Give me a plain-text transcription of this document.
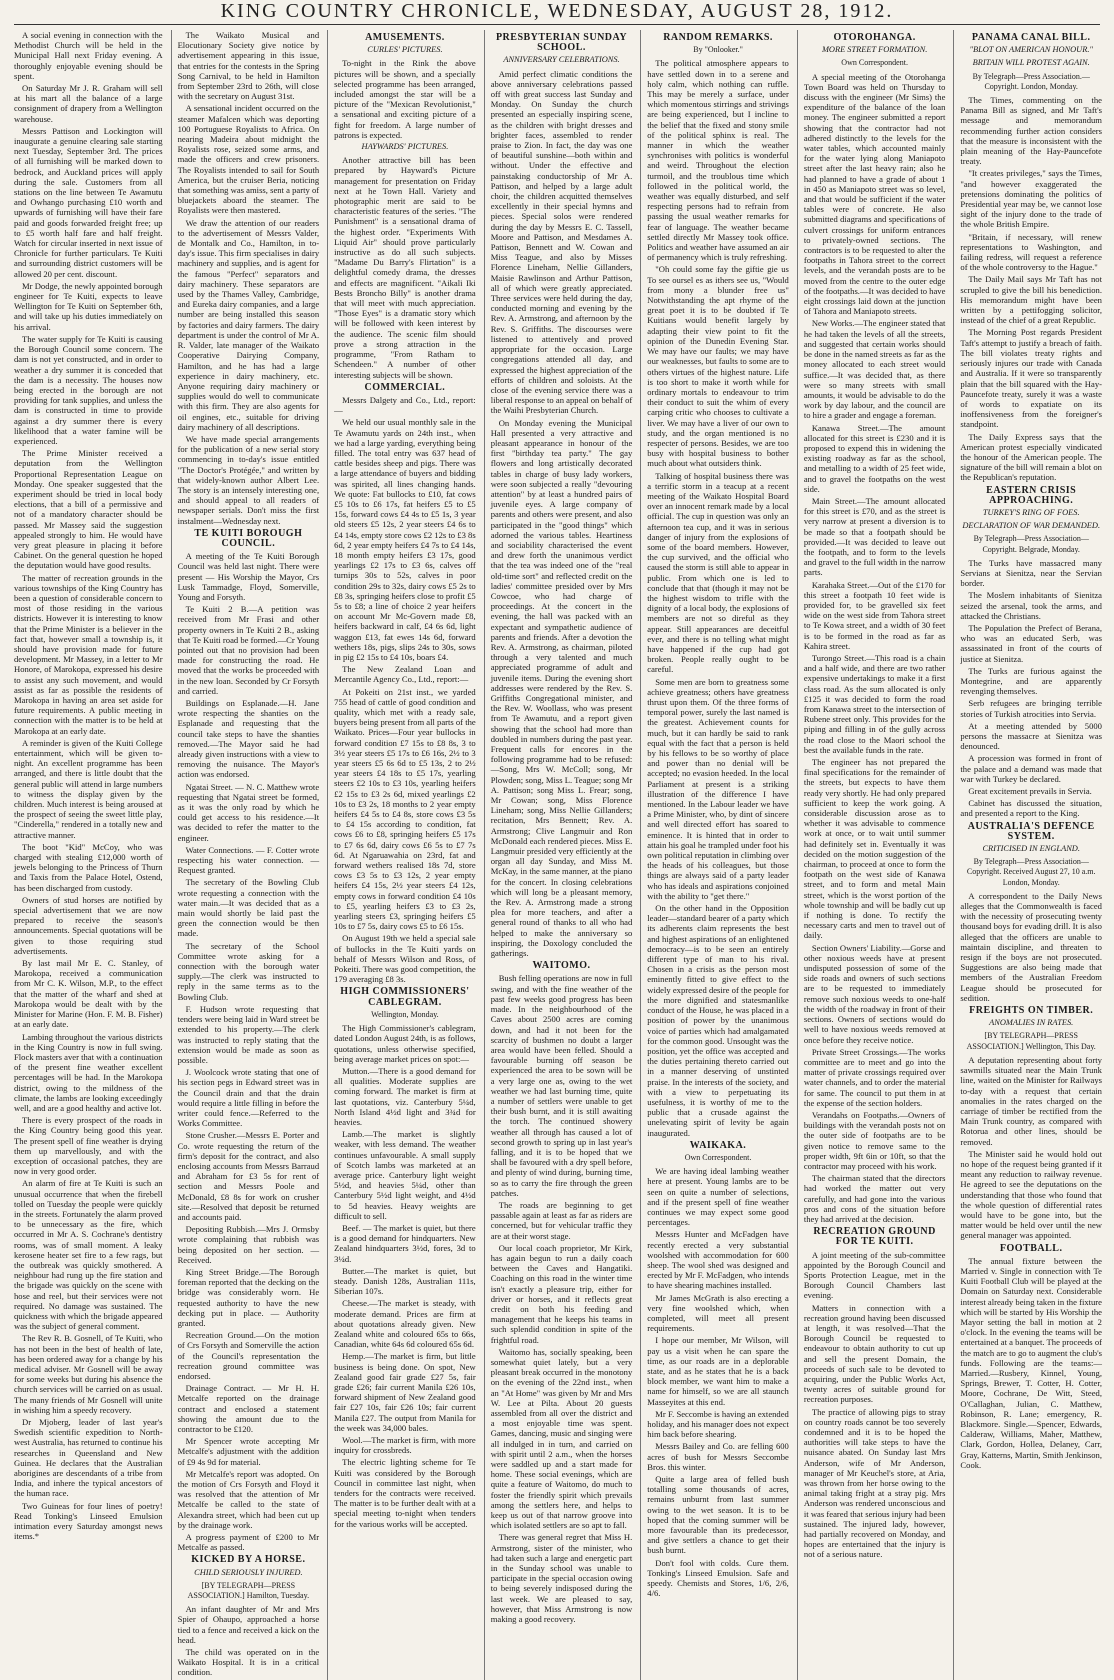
KING COUNTRY CHRONICLE, WEDNESDAY, AUGUST 28, 1912.

A social evening in connection with the Methodist Church will be held in the Municipal Hall next Friday evening. A thoroughly enjoyable evening should be spent.

On Saturday Mr J. R. Graham will sell at his mart all the balance of a large consignment of drapery from a Wellington warehouse.

Messrs Pattison and Lockington will inaugurate a genuine clearing sale starting next Tuesday, September 3rd. The prices of all furnishing will be marked down to bedrock, and Auckland prices will apply during the sale. Customers from all stations on the line between Te Awamutu and Owhango purchasing £10 worth and upwards of furnishing will have their fare paid and goods forwarded freight free; up to £5 worth half fare and half freight. Watch for circular inserted in next issue of Chronicle for further particulars. Te Kuiti and surrounding district customers will be allowed 20 per cent. discount.

Mr Dodge, the newly appointed borough engineer for Te Kuiti, expects to leave Wellington for Te Kuiti on September 6th, and will take up his duties immediately on his arrival.

The water supply for Te Kuiti is causing the Borough Council some concern. The dam is not yet constructed, and in order to weather a dry summer it is conceded that the dam is a necessity. The houses now being erected in the borough are not providing for tank supplies, and unless the dam is constructed in time to provide against a dry summer there is every likelihood that a water famine will be experienced.

The Prime Minister received a deputation from the Wellington Proportional Representation League on Monday. One speaker suggested that the experiment should be tried in local body elections, that a bill of a permissive and not of a mandatory character should be passed. Mr Massey said the suggestion appealed strongly to him. He would have very great pleasure in placing it before Cabinet. On the general question he hoped the deputation would have good results.

The matter of recreation grounds in the various townships of the King Country has been a question of considerable concern to most of those residing in the various districts. However it is interesting to know that the Prime Minister is a believer in the fact that, however small a township is, it should have provision made for future development. Mr Massey, in a letter to Mr Honore, of Marokopa, expressed his desire to assist any such movement, and would assist as far as possible the residents of Marokopa in having an area set aside for future requirements. A public meeting in connection with the matter is to be held at Marokopa at an early date.

A reminder is given of the Kuiti College entertainment, which will be given to-night. An excellent programme has been arranged, and there is little doubt that the general public will attend in large numbers to witness the display given by the children. Much interest is being aroused at the prospect of seeing the sweet little play, "Cinderella," rendered in a totally new and attractive manner.

The boot "Kid" McCoy, who was charged with stealing £12,000 worth of jewels belonging to the Princess of Thurn and Taxis from the Palace Hotel, Ostend, has been discharged from custody.

Owners of stud horses are notified by special advertisement that we are now prepared to receive the season's announcements. Special quotations will be given to those requiring stud advertisements.

By last mail Mr E. C. Stanley, of Marokopa, received a communication from Mr C. K. Wilson, M.P., to the effect that the matter of the wharf and shed at Marokopa would be dealt with by the Minister for Marine (Hon. F. M. B. Fisher) at an early date.

Lambing throughout the various districts in the King Country is now in full swing. Flock masters aver that with a continuation of the present fine weather excellent percentages will be had. In the Marokopa district, owing to the mildness of the climate, the lambs are looking exceedingly well, and are a good healthy and active lot.

There is every prospect of the roads in the King Country being good this year. The present spell of fine weather is drying them up marvellously, and with the exception of occasional patches, they are now in very good order.

An alarm of fire at Te Kuiti is such an unusual occurrence that when the firebell tolled on Tuesday the people were quickly in the streets. Fortunately the alarm proved to be unnecessary as the fire, which occurred in Mr A. S. Cochrane's dentistry rooms, was of small moment. A leaky kerosene heater set fire to a few rags, but the outbreak was quickly smothered. A neighbour had rung up the fire station and the brigade was quickly on the scene with hose and reel, but their services were not required. No damage was sustained. The quickness with which the brigade appeared was the subject of general comment.

The Rev R. B. Gosnell, of Te Kuiti, who has not been in the best of health of late, has been ordered away for a change by his medical adviser. Mr Gosnell will be away for some weeks but during his absence the church services will be carried on as usual. The many friends of Mr Gosnell will unite in wishing him a speedy recovery.

Dr Mjoberg, leader of last year's Swedish scientific expedition to North-west Australia, has returned to continue his researches in Queensland and New Guinea. He declares that the Australian aborigines are descendants of a tribe from India, and inhere the typical ancestors of the human race.

Two Guineas for four lines of poetry! Read Tonking's Linseed Emulsion intimation every Saturday amongst news items.*

The Waikato Musical and Elocutionary Society give notice by advertisement appearing in this issue, that entries for the contests in the Spring Song Carnival, to be held in Hamilton from September 23rd to 26th, will close with the secretary on August 31st.

A sensational incident occurred on the steamer Mafalcen which was deporting 100 Portuguese Royalists to Africa. On nearing Madeira about midnight the Royalists rose, seized some arms, and made the officers and crew prisoners. The Royalists intended to sail for South America, but the cruiser Beria, noticing that something was amiss, sent a party of bluejackets aboard the steamer. The Royalists were then mastered.

We draw the attention of our readers to the advertisement of Messrs Valder, de Montalk and Co., Hamilton, in to-day's issue. This firm specialises in dairy machinery and supplies, and is agent for the famous "Perfect" separators and dairy machinery. These separators are used by the Thames Valley, Cambridge, and Eureka dairy companies, and a large number are being installed this season by factories and dairy farmers. The dairy department is under the control of Mr A. R. Valder, late manager of the Waikato Cooperative Dairying Company, Hamilton, and he has had a large experience in dairy machinery, etc. Anyone requiring dairy machinery or supplies would do well to communicate with this firm. They are also agents for oil engines, etc., suitable for driving dairy machinery of all descriptions.

We have made special arrangements for the publication of a new serial story commencing in to-day's issue entitled "The Doctor's Protégée," and written by that widely-known author Albert Lee. The story is an intensely interesting one, and should appeal to all readers of newspaper serials. Don't miss the first instalment—Wednesday next.

TE KUITI BOROUGH COUNCIL.

A meeting of the Te Kuiti Borough Council was held last night. There were present — His Worship the Mayor, Crs Lusk Tammadge, Floyd, Somerville, Young and Forsyth.

Te Kuiti 2 B.—A petition was received from Mr Frasi and other property owners in Te Kuiti 2 B., asking that Te Kuiti road be formed.—Cr Young pointed out that no provision had been made for constructing the road. He moved that the works be proceeded with in the new loan. Seconded by Cr Forsyth and carried.

Buildings on Esplanade.—H. Jane wrote respecting the shanties on the Esplanade and requesting that the council take steps to have the shanties removed.—The Mayor said he had already given instructions with a view to removing the nuisance. The Mayor's action was endorsed.

Ngatai Street. — N. C. Matthew wrote requesting that Ngatai street be formed, as it was the only road by which he could get access to his residence.—It was decided to refer the matter to the engineer.

Water Connections. — F. Cotter wrote respecting his water connection. —Request granted.

The secretary of the Bowling Club wrote requesting a connection with the water main.—It was decided that as a main would shortly be laid past the green the connection would be then made.

The secretary of the School Committee wrote asking for a connection with the borough water supply.—The clerk was instructed to reply in the same terms as to the Bowling Club.

F. Hudson wrote requesting that tenders were being laid in Ward street be extended to his property.—The clerk was instructed to reply stating that the extension would be made as soon as possible.

J. Woolcock wrote stating that one of his section pegs in Edward street was in the Council drain and that the drain would require a little filling in before the writer could fence.—Referred to the Works Committee.

Stone Crusher.—Messrs E. Porter and Co. wrote requesting the return of the firm's deposit for the contract, and also enclosing accounts from Messrs Barraud and Abraham for £3 5s for rent of section and Messrs Poole and McDonald, £8 8s for work on crusher site.—Resolved that deposit be returned and accounts paid.

Depositing Rubbish.—Mrs J. Ormsby wrote complaining that rubbish was being deposited on her section. —Received.

King Street Bridge.—The Borough foreman reported that the decking on the bridge was considerably worn. He requested authority to have the new decking put in place. — Authority granted.

Recreation Ground.—On the motion of Crs Forsyth and Somerville the action of the Council's representation the recreation ground committee was endorsed.

Drainage Contract. — Mr H. H. Metcalfe reported on the drainage contract and enclosed a statement showing the amount due to the contractor to be £120.

Mr Spencer wrote accepting Mr Metcalfe's adjustment with the addition of £9 4s 9d for material.

Mr Metcalfe's report was adopted. On the motion of Crs Forsyth and Floyd it was resolved that the attention of Mr Metcalfe be called to the state of Alexandra street, which had been cut up by the drainage work.

A progress payment of £200 to Mr Metcalfe as passed.

KICKED BY A HORSE.
CHILD SERIOUSLY INJURED.
[BY TELEGRAPH—PRESS ASSOCIATION.] Hamilton, Tuesday.

An infant daughter of Mr and Mrs Spier of Ohaupo, approached a horse tied to a fence and received a kick on the head.

The child was operated on in the Waikato Hospital. It is in a critical condition.

AMUSEMENTS.
CURLES' PICTURES.

To-night in the Rink the above pictures will be shown, and a specially selected programme has been arranged, included amongst the star will be a picture of the "Mexican Revolutionist," a sensational and exciting picture of a fight for freedom. A large number of patrons is expected.

HAYWARDS' PICTURES.

Another attractive bill has been prepared by Hayward's Picture management for presentation on Friday next at he Town Hall. Variety and photographic merit are said to be characteristic features of the series. "The Punishment" is a sensational drama of the highest order. "Experiments With Liquid Air" should prove particularly instructive as do all such subjects. "Madame Du Barry's Flirtation" is a delightful comedy drama, the dresses and effects are magnificent. "Aikali Iki Bests Broncho Billy" is another drama that will meet with much appreciation. "Those Eyes" is a dramatic story which will be followed with keen interest by the audience. The scenic film should prove a strong attraction in the programme, "From Ratham to Schendeen." A number of other interesting subjects will be shown.

COMMERCIAL.

Messrs Dalgety and Co., Ltd., report:—

We held our usual monthly sale in the Te Awamutu yards on 24th inst., when we had a large yarding, everything being filled. The total entry was 637 head of cattle besides sheep and pigs. There was a large attendance of buyers and bidding was spirited, all lines changing hands. We quote: Fat bullocks to £10, fat cows £5 10s to £6 17s, fat heifers £5 to £5 15s, forward cows £4 4s to £5 1s, 3 year old steers £5 12s, 2 year steers £4 6s to £4 14s, empty store cows £2 12s to £3 8s 6d, 2 year empty heifers £4 7s to £4 14s, 18 month empty heifers £3 17s, good yearlings £2 17s to £3 6s, calves off turnips 30s to 52s, calves in poor condition 29s to 32s, dairy cows £5 2s to £8 3s, springing heifers close to profit £5 5s to £8; a line of choice 2 year heifers on account Mr Mc-Govern made £8, heifers backward in calf, £4 6s 6d, light waggon £13, fat ewes 14s 6d, forward wethers 18s, pigs, slips 24s to 30s, sows in pig £2 15s to £4 10s, boars £4.

The New Zealand Loan and Mercantile Agency Co., Ltd., report:—

At Pokeiti on 21st inst., we yarded 755 head of cattle of good condition and quality, which met with a ready sale, buyers being present from all parts of the Waikato. Prices—Four year bullocks in forward condition £7 15s to £8 8s, 3 to 3½ year steers £5 17s to £6 16s, 2½ to 3 year steers £5 6s 6d to £5 13s, 2 to 2½ year steers £4 18s to £5 17s, yearling steers £2 10s to £3 10s, yearling heifers £2 15s to £3 2s 6d, mixed yearlings £2 10s to £3 2s, 18 months to 2 year empty heifers £4 5s to £4 8s, store cows £3 5s to £4 15s according to condition, fat cows £6 to £8, springing heifers £5 17s to £7 6s 6d, dairy cows £6 5s to £7 7s 6d. At Ngaruawahia on 23rd, fat and forward wethers realised 18s 7d, store cows £3 5s to £3 12s, 2 year empty heifers £4 15s, 2½ year steers £4 12s, empty cows in forward condition £4 10s to £5, yearling heifers £3 to £3 2s, yearling steers £3, springing heifers £5 10s to £7 5s, dairy cows £5 to £6 15s.

On August 19th we held a special sale of bullocks in the Te Kuiti yards on behalf of Messrs Wilson and Ross, of Pokeiti. There was good competition, the 179 averaging £8 3s.

HIGH COMMISSIONERS' CABLEGRAM.
Wellington, Monday.

The High Commissioner's cablegram, dated London August 24th, is as follows, quotations, unless otherwise specified, being average market prices on spot:—

Mutton.—There is a good demand for all qualities. Moderate supplies are coming forward. The market is firm at last quotations, viz. Canterbury 5¼d, North Island 4½d light and 3¾d for heavies.

Lamb.—The market is slightly weaker, with less demand. The weather continues unfavourable. A small supply of Scotch lambs was marketed at an average price. Canterbury light weight 5½d, and heavies 5¼d, other than Canterbury 5½d light weight, and 4½d to 5d heavies. Heavy weights are difficult to sell.

Beef. — The market is quiet, but there is a good demand for hindquarters. New Zealand hindquarters 3½d, fores, 3d to 3¼d.

Butter.—The market is quiet, but steady. Danish 128s, Australian 111s, Siberian 107s.

Cheese.—The market is steady, with moderate demand. Prices are firm at about quotations already given. New Zealand white and coloured 65s to 66s, Canadian, white 64s 6d coloured 65s 6d.

Hemp.—The market is firm, but little business is being done. On spot, New Zealand good fair grade £27 5s, fair grade £26; fair current Manila £26 10s, forward shipment of New Zealand good fair £27 10s, fair £26 10s; fair current Manila £27. The output from Manila for the week was 34,000 bales.

Wool.—The market is firm, with more inquiry for crossbreds.

The electric lighting scheme for Te Kuiti was considered by the Borough Council in committee last night, when tenders for the contracts were received. The matter is to be further dealt with at a special meeting to-night when tenders for the various works will be accepted.

PRESBYTERIAN SUNDAY SCHOOL.
ANNIVERSARY CELEBRATIONS.

Amid perfect climatic conditions the above anniversary celebrations passed off with great success last Sunday and Monday. On Sunday the church presented an especially inspiring scene, as the children with bright dresses and brighter faces, assembled to render praise to Zion. In fact, the day was one of beautiful sunshine—both within and without. Under the effective and painstaking conductorship of Mr A. Pattison, and helped by a large adult choir, the children acquitted themselves excellently in their special hymns and pieces. Special solos were rendered during the day by Messrs E. C. Tassell, Moore and Pattison, and Mesdames A. Pattison, Bennett and W. Cowan and Miss Teague, and also by Misses Florence Lineham, Nellie Gillanders, Maisie Rawlinson and Arthur Pattison, all of which were greatly appreciated. Three services were held during the day, conducted morning and evening by the Rev. A. Armstrong, and afternoon by the Rev. S. Griffiths. The discourses were listened to attentively and proved appropriate for the occasion. Large congregations attended all day, and expressed the highest appreciation of the efforts of children and soloists. At the close of the evening service there was a liberal response to an appeal on behalf of the Waihi Presbyterian Church.

On Monday evening the Municipal Hall presented a very attractive and pleasant appearance in honour of the first "birthday tea party." The gay flowers and long artistically decorated tables in charge of busy lady workers, were soon subjected a really "devouring attention" by at least a hundred pairs of juvenile eyes. A large company of parents and others were present, and also participated in the "good things" which adorned the various tables. Heartiness and sociability characterised the event and drew forth the unanimous verdict that the tea was indeed one of the "real old-time sort" and reflected credit on the ladies' committee presided over by Mrs Cowcoe, who had charge of proceedings. At the concert in the evening, the hall was packed with an expectant and sympathetic audience of parents and friends. After a devotion the Rev. A. Armstrong, as chairman, piloted through a very talented and much appreciated programme of adult and juvenile items. During the evening short addresses were rendered by the Rev. S. Griffiths Congregational minister, and the Rev. W. Woollass, who was present from Te Awamutu, and a report given showing that the school had more than doubled in numbers during the past year. Frequent calls for encores in the following programme had to be refused:—Song, Mrs W. McColl; song, Mr Plowden; song, Miss L. Teague; song Mr A. Pattison; song Miss L. Frear; song, Mr Cowan; song, Miss Florence Lineham; song, Miss Nellie Gillanders; recitation, Mrs Bennett; Rev. A. Armstrong; Clive Langmuir and Ron McDonald each rendered pieces. Miss E. Langmuir presided very efficiently at the organ all day Sunday, and Miss M. McKay, in the same manner, at the piano for the concert. In closing celebrations which will long be a pleasant memory, the Rev. A. Armstrong made a strong plea for more teachers, and after a general round of thanks to all who had helped to make the anniversary so inspiring, the Doxology concluded the gatherings.

WAITOMO.

Bush felling operations are now in full swing, and with the fine weather of the past few weeks good progress has been made. In the neighbourhood of the Caves about 2500 acres are coming down, and had it not been for the scarcity of bushmen no doubt a larger area would have been felled. Should a favourable burning off season be experienced the area to be sown will be a very large one as, owing to the wet weather we had last burning time, quite a number of settlers were unable to get their bush burnt, and it is still awaiting the torch. The continued showery weather all through has caused a lot of second growth to spring up in last year's falling, and it is to be hoped that we shall be favoured with a dry spell before, and plenty of wind during, burning time, so as to carry the fire through the green patches.

The roads are beginning to get passable again at least as far as riders are concerned, but for vehicular traffic they are at their worst stage.

Our local coach proprietor, Mr Kirk, has again begun to run a daily coach between the Caves and Hangatiki. Coaching on this road in the winter time isn't exactly a pleasure trip, either for driver or horses, and it reflects great credit on both his feeding and management that he keeps his teams in such splendid condition in spite of the frightful road.

Waitomo has, socially speaking, been somewhat quiet lately, but a very pleasant break occurred in the monotony on the evening of the 22nd inst., when an "At Home" was given by Mr and Mrs W. Lee at Pilta. About 20 guests assembled from all over the district and a most enjoyable time was spent. Games, dancing, music and singing were all indulged in in turn, and carried on with spirit until 2 a.m., when the horses were saddled up and a start made for home. These social evenings, which are quite a feature of Waitomo, do much to foster the friendly spirit which prevails among the settlers here, and helps to keep us out of that narrow groove into which isolated settlers are so apt to fall.

There was general regret that Miss H. Armstrong, sister of the minister, who had taken such a large and energetic part in the Sunday school was unable to participate in the special occasion owing to being severely indisposed during the last week. We are pleased to say, however, that Miss Armstrong is now making a good recovery.

RANDOM REMARKS.
By "Onlooker."

The political atmosphere appears to have settled down in to a serene and holy calm, which nothing can ruffle. This may be merely a surface, under which momentous stirrings and strivings are being experienced, but I incline to the belief that the fixed and stony smile of the political sphinx is real. The manner in which the weather synchronises with politics is wonderful and weird. Throughout the election turmoil, and the troublous time which followed in the political world, the weather was equally disturbed, and self respecting persons had to refrain from passing the usual weather remarks for fear of language. The weather became settled directly Mr Massey took office. Politics and weather have assumed an air of permanency which is truly refreshing.

"Oh could some fay the giftie gie us To see oursel es as ithers see us, "Would from mony a blunder free us" Notwithstanding the apt rhyme of the great poet it is to be doubted if Te Kuitians would benefit largely by adapting their view point to fit the opinion of the Dunedin Evening Star. We may have our faults; we may have our weaknesses, but faults to some are to others virtues of the highest nature. Life is too short to make it worth while for ordinary mortals to endeavour to trim their conduct to suit the whim of every carping critic who chooses to cultivate a liver. We may have a liver of our own to study, and the organ mentioned is no respecter of persons. Besides, we are too busy with hospital business to bother much about what outsiders think.

Talking of hospital business there was a terrific storm in a teacup at a recent meeting of the Waikato Hospital Board over an innocent remark made by a local official. The cup in question was only an afternoon tea cup, and it was in serious danger of injury from the explosions of some of the board members. However, the cup survived, and the official who caused the storm is still able to appear in public. From which one is led to conclude that that (though it may not be the highest wisdom to trifle with the dignity of a local body, the explosions of members are not so direful as they appear. Still appearances are deceitful ever, and there is no telling what might have happened if the cup had got broken. People really ought to be careful.

Some men are born to greatness some achieve greatness; others have greatness thrust upon them. Of the three forms of temporal power, surely the last named is the greatest. Achievement counts for much, but it can hardly be said to rank equal with the fact that a person is held by his fellows to be so worthy of place and power than no denial will be accepted; no evasion heeded. In the local Parliament at present is a striking illustration of the difference I have mentioned. In the Labour leader we have a Prime Minister, who, by dint of sincere and well directed effort has soared to eminence. It is hinted that in order to attain his goal he trampled under foot his own political reputation in climbing over the heads of his colleagues, but those things are always said of a party leader who has ideals and aspirations conjoined with the ability to "get there."

On the other hand in the Opposition leader—standard bearer of a party which its adherents claim represents the best and highest aspirations of an enlightened democracy—is to be seen an entirely different type of man to his rival. Chosen in a crisis as the person most eminently fitted to give effect to the widely expressed desire of the people for the more dignified and statesmanlike conduct of the House, he was placed in a position of power by the unanimous voice of parties which had amalgamated for the common good. Unsought was the position, yet the office was accepted and the duties pertaining thereto carried out in a manner deserving of unstinted praise. In the interests of the society, and with a view to perpetuating its usefulness, it is worthy of me to the public that a crusade against the unelevating spirit of levity be again inaugurated.

WAIKAKA.
Own Correspondent.

We are having ideal lambing weather here at present. Young lambs are to be seen on quite a number of selections, and if the present spell of fine weather continues we may expect some good percentages.

Messrs Hunter and McFadgen have recently erected a very substantial woolshed with accommodation for 600 sheep. The wool shed was designed and erected by Mr F. McFadgen, who intends to have shearing machines installed.

Mr James McGrath is also erecting a very fine woolshed which, when completed, will meet all present requirements.

I hope our member, Mr Wilson, will pay us a visit when he can spare the time, as our roads are in a deplorable state, and as he states that he is a back block member, we want him to make a name for himself, so we are all staunch Masseyites at this end.

Mr F. Seccombe is having an extended holiday, and his manager does not expect him back before shearing.

Messrs Bailey and Co. are felling 600 acres of bush for Messrs Seccombe Bros. this winter.

Quite a large area of felled bush totalling some thousands of acres, remains unburnt from last summer owing to the wet season. It is to be hoped that the coming summer will be more favourable than its predecessor, and give settlers a chance to get their bush burnt.

Don't fool with colds. Cure them. Tonking's Linseed Emulsion. Safe and speedy. Chemists and Stores, 1/6, 2/6, 4/6.

OTOROHANGA.
MORE STREET FORMATION.
Own Correspondent.

A special meeting of the Otorohanga Town Board was held on Thursday to discuss with the engineer (Mr Sims) the expenditure of the balance of the loan money. The engineer submitted a report showing that the contractor had not adhered distinctly to the levels for the water tables, which accounted mainly for the water lying along Maniapoto street after the last heavy rain; also he had planned to have a grade of about 1 in 450 as Maniapoto street was so level, and that would be sufficient if the water tables were of concrete. He also submitted diagrams and specifications of culvert crossings for uniform entrances to privately-owned sections. The contractors is to be requested to alter the footpaths in Tahora street to the correct levels, and the verandah posts are to be moved from the centre to the outer edge of the footpaths.—It was decided to have eight crossings laid down at the junction of Tahora and Maniapoto streets.

New Works.—The engineer stated that he had taken the levels of all the streets, and suggested that certain works should be done in the named streets as far as the money allocated to each street would suffice.—It was decided that, as there were so many streets with small amounts, it would be advisable to do the work by day labour, and the council are to hire a grader and engage a foreman.

Kanawa Street.—The amount allocated for this street is £230 and it is proposed to expend this in widening the existing roadway as far as the school, and metalling to a width of 25 feet wide, and to gravel the footpaths on the west side.

Main Street.—The amount allocated for this street is £70, and as the street is very narrow at present a diversion is to be made so that a footpath should be provided.—It was decided to leave out the footpath, and to form to the levels and gravel to the full width in the narrow parts.

Karahaka Street.—Out of the £170 for this street a footpath 10 feet wide is provided for, to be gravelled six feet wide on the west side from Tahora street to Te Kowa street, and a width of 30 feet is to be formed in the road as far as Kahira street.

Turongo Street.—This road is a chain and a half wide, and there are two rather expensive undertakings to make it a first class road. As the sum allocated is only £125 it was decided to form the road from Kanawa street to the intersection of Rubene street only. This provides for the piping and filling in of the gully across the road close to the Maori school the best the available funds in the rate.

The engineer has not prepared the final specifications for the remainder of the streets, but expects to have them ready very shortly. He had only prepared sufficient to keep the work going. A considerable discussion arose as to whether it was advisable to commence work at once, or to wait until summer had definitely set in. Eventually it was decided on the motion suggestion of the chairman, to proceed at once to form the footpath on the west side of Kanawa street, and to form and metal Main street, which is the worst portion of the whole township and will be badly cut up if nothing is done. To rectify the necessary carts and men to travel out of daily.

Section Owners' Liability.—Gorse and other noxious weeds have at present undisputed possession of some of the side roads and owners of such sections are to be requested to immediately remove such noxious weeds to one-half the width of the roadway in front of their sections. Owners of sections would do well to have noxious weeds removed at once before they receive notice.

Private Street Crossings.—The works committee are to meet and go into the matter of private crossings required over water channels, and to order the material for same. The council to put them in at the expense of the section holders.

Verandahs on Footpaths.—Owners of buildings with the verandah posts not on the outer side of footpaths are to be given notice to remove same to the proper width, 9ft 6in or 10ft, so that the contractor may proceed with his work.

The chairman stated that the directors had worked the matter out very carefully, and had gone into the various pros and cons of the situation before they had arrived at the decision.

RECREATION GROUND FOR TE KUITI.

A joint meeting of the sub-committee appointed by the Borough Council and Sports Protection League, met in the Borough Council Chambers last evening.

Matters in connection with a recreation ground having been discussed at length, it was resolved—That the Borough Council be requested to endeavour to obtain authority to cut up and sell the present Domain, the proceeds of such sale to be devoted to acquiring, under the Public Works Act, twenty acres of suitable ground for recreation purposes.

The practice of allowing pigs to stray on country roads cannot be too severely condemned and it is to be hoped the authorities will take steps to have the nuisance abated. On Sunday last Mrs Anderson, wife of Mr Anderson, manager of Mr Keuchel's store, at Aria, was thrown from her horse owing to the animal taking fright at a stray pig. Mrs Anderson was rendered unconscious and it was feared that serious injury had been sustained. The injured lady, however, had partially recovered on Monday, and hopes are entertained that the injury is not of a serious nature.

PANAMA CANAL BILL.
"BLOT ON AMERICAN HONOUR."
BRITAIN WILL PROTEST AGAIN.
By Telegraph—Press Association.—Copyright. London, Monday.

The Times, commenting on the Panama Bill as signed, and Mr Taft's message and memorandum recommending further action considers that the measure is inconsistent with the plain meaning of the Hay-Pauncefote treaty.

"It creates privileges," says the Times, "and however exaggerated the pretensions dominating the politics of Presidential year may be, we cannot lose sight of the injury done to the trade of the whole British Empire.

"Britain, if necessary, will renew representations to Washington, and failing redress, will request a reference of the whole controversy to the Hague."

The Daily Mail says Mr Taft has not scrupled to give the bill his benediction. His memorandum might have been written by a pettifogging solicitor, instead of the chief of a great Republic.

The Morning Post regards President Taft's attempt to justify a breach of faith. The bill violates treaty rights and seriously injures our trade with Canada and Australia. If it were so transparently plain that the bill squared with the Hay-Pauncefote treaty, surely it was a waste of words to expatiate on its inoffensiveness from the foreigner's standpoint.

The Daily Express says that the American protest especially vindicated the honour of the American people. The signature of the bill will remain a blot on the Republican's reputation.

EASTERN CRISIS APPROACHING.
TURKEY'S RING OF FOES.
DECLARATION OF WAR DEMANDED.
By Telegraph—Press Association—Copyright. Belgrade, Monday.

The Turks have massacred many Servians at Sienitza, near the Servian border.

The Moslem inhabitants of Sienitza seized the arsenal, took the arms, and attacked the Christians.

The Population the Prefect of Berana, who was an educated Serb, was assassinated in front of the courts of justice at Sienitza.

The Turks are furious against the Montegrine, and are apparently revenging themselves.

Serb refugees are bringing terrible stories of Turkish atrocities into Servia.

At a meeting attended by 5000 persons the massacre at Sienitza was denounced.

A procession was formed in front of the palace and a demand was made that war with Turkey be declared.

Great excitement prevails in Servia.

Cabinet has discussed the situation, and presented a report to the King.

AUSTRALIA'S DEFENCE SYSTEM.
CRITICISED IN ENGLAND.
By Telegraph—Press Association—Copyright. Received August 27, 10 a.m. London, Monday.

A correspondent to the Daily News alleges that the Commonwealth is faced with the necessity of prosecuting twenty thousand boys for evading drill. It is also alleged that the officers are unable to maintain discipline, and threaten to resign if the boys are not prosecuted. Suggestions are also being made that members of the Australian Freedom League should be prosecuted for sedition.

FREIGHTS ON TIMBER.
ANOMALIES IN RATES.
[BY TELEGRAPH—PRESS ASSOCIATION.] Wellington, This Day.

A deputation representing about forty sawmills situated near the Main Trunk line, waited on the Minister for Railways to-day with a request that certain anomalies in the rates charged on the carriage of timber be rectified from the Main Trunk country, as compared with Rotorua and other lines, should be removed.

The Minister said he would hold out no hope of the request being granted if it meant any reduction to railway revenue. He agreed to see the deputations on the understanding that those who found that the whole question of differential rates would have to be gone into, but the matter would be held over until the new general manager was appointed.

FOOTBALL.

The annual fixture between the Married v. Single in connection with Te Kuiti Football Club will be played at the Domain on Saturday next. Considerable interest already being taken in the fixture which will be started by His Worship the Mayor setting the ball in motion at 2 o'clock. In the evening the teams will be entertained at a banquet. The proceeds of the match are to go to augment the club's funds. Following are the teams:—Married.—Rusbery, Kinnel, Young, Springs, Brewer, T. Cotter, H. Cotter, Moore, Cochrane, De Witt, Steed, O'Callaghan, Julian, C. Matthew, Robinson, R. Lane; emergency, R. Blackmore. Single.—Spencer, Edwards, Calderaw, Williams, Maher, Matthew, Clark, Gordon, Hollea, Delaney, Carr, Gray, Katterns, Martin, Smith Jenkinson, Cook.
